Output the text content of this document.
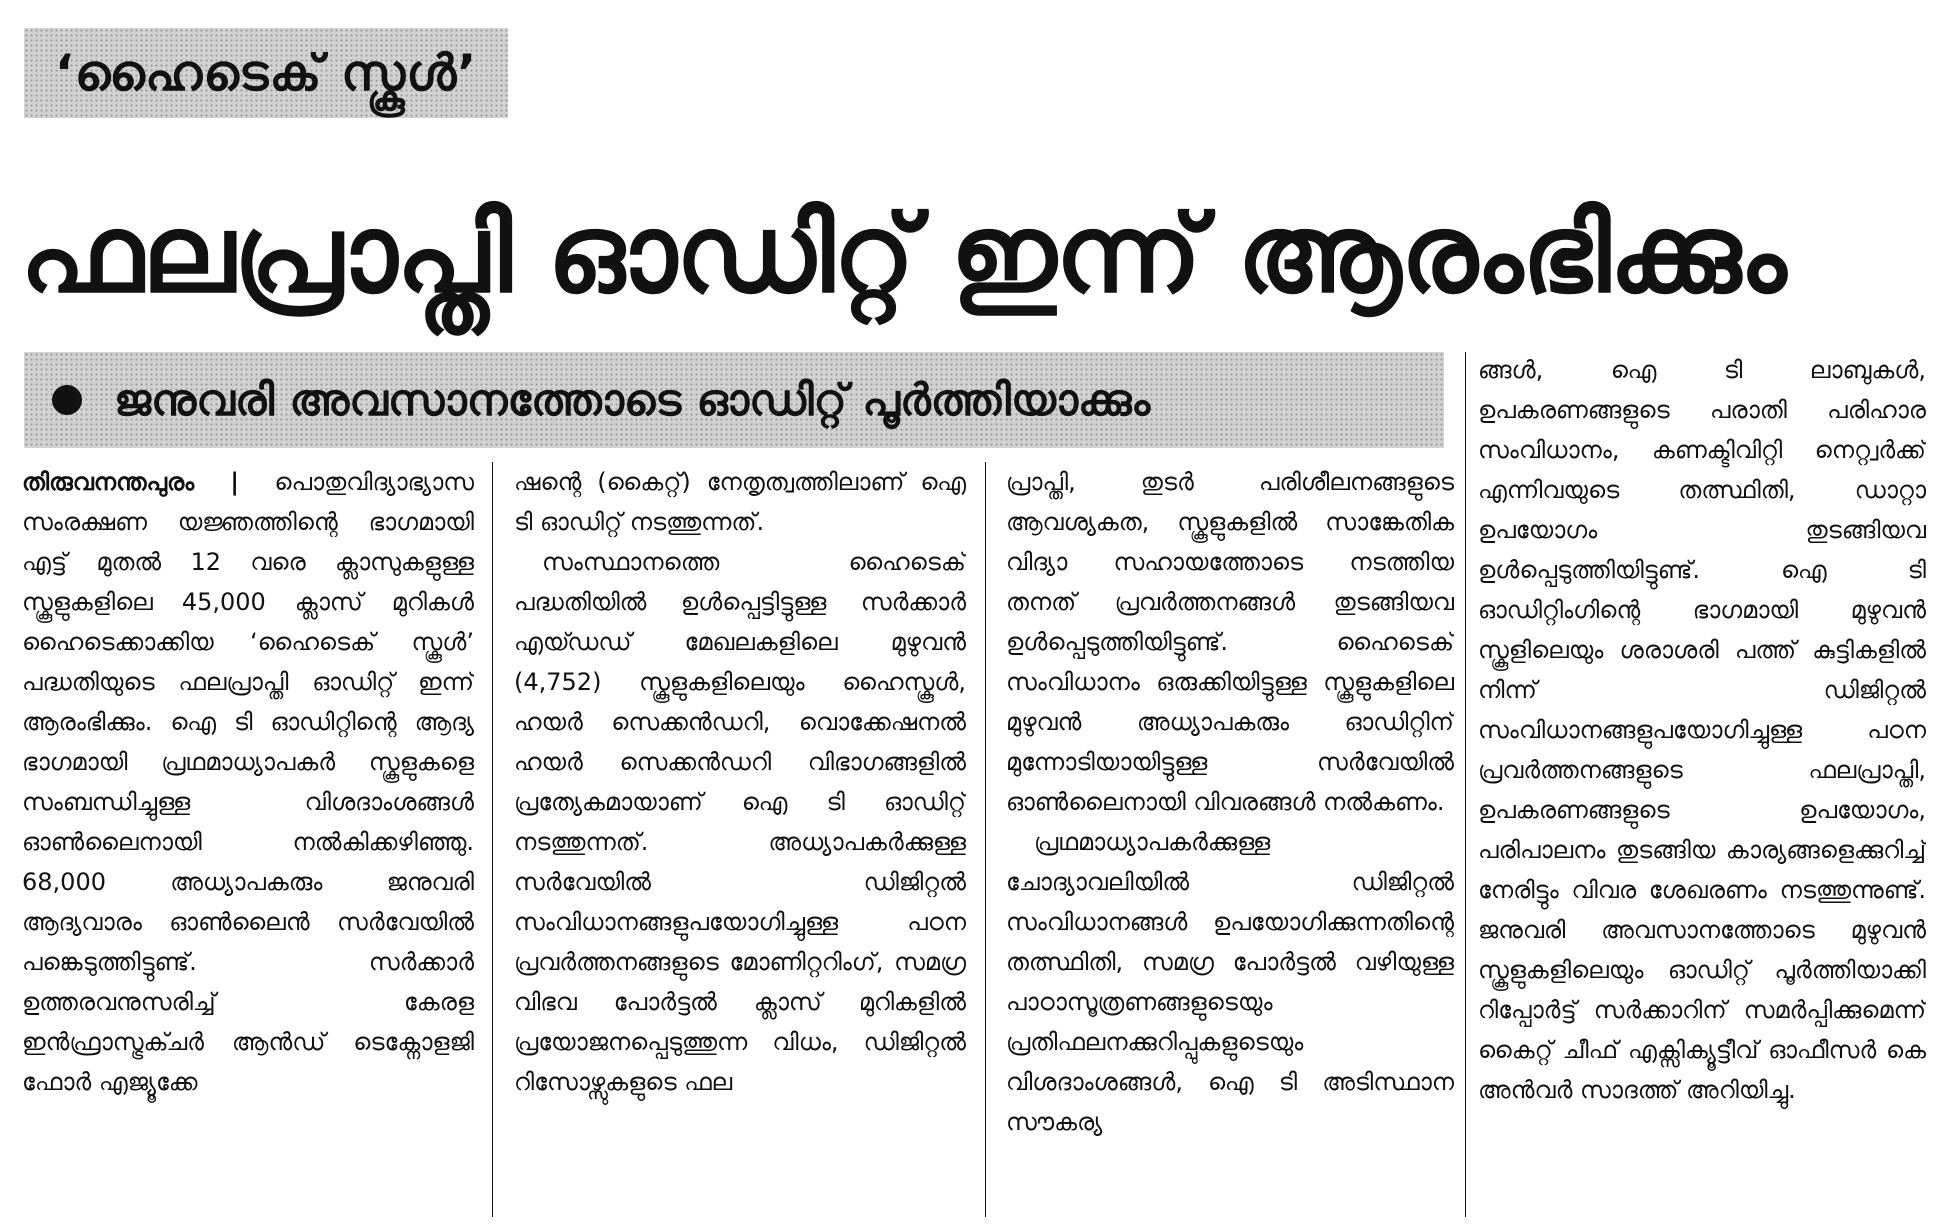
‘ഹൈടെക് സ്കൂൾ’
ഫലപ്രാപ്തി ഓഡിറ്റ് ഇന്ന് ആരംഭിക്കും
ജനുവരി അവസാനത്തോടെ ഓഡിറ്റ് പൂർത്തിയാക്കും

തിരുവനന്തപുരം | പൊതുവിദ്യാഭ്യാസ സംരക്ഷണ യജ്ഞത്തിന്റെ ഭാഗമായി എട്ട് മുതൽ 12 വരെ ക്ലാസുകളുള്ള സ്കൂളുകളിലെ 45,000 ക്ലാസ് മുറികൾ ഹൈടെക്കാക്കിയ ‘ഹൈടെക് സ്കൂൾ’ പദ്ധതിയുടെ ഫലപ്രാപ്തി ഓഡിറ്റ് ഇന്ന് ആരംഭിക്കും. ഐ ടി ഓഡിറ്റിന്റെ ആദ്യ ഭാഗമായി പ്രഥമാധ്യാപകർ സ്കൂളുകളെ സംബന്ധിച്ചുള്ള വിശദാംശങ്ങൾ ഓൺലൈനായി നൽകിക്കഴിഞ്ഞു. 68,000 അധ്യാപകരും ജനുവരി ആദ്യവാരം ഓൺലൈൻ സർവേയിൽ പങ്കെടുത്തിട്ടുണ്ട്. സർക്കാർ ഉത്തരവനുസരിച്ച് കേരള ഇൻഫ്രാസ്ട്രക്ചർ ആൻഡ് ടെക്നോളജി ഫോർ എജ്യൂക്കേ

ഷന്റെ (കൈറ്റ്) നേതൃത്വത്തിലാണ് ഐ ടി ഓഡിറ്റ് നടത്തുന്നത്.

സംസ്ഥാനത്തെ ഹൈടെക് പദ്ധതിയിൽ ഉൾപ്പെട്ടിട്ടുള്ള സർക്കാർ എയ്ഡഡ് മേഖലകളിലെ മുഴുവൻ (4,752) സ്കൂളുകളിലെയും ഹൈസ്കൂൾ, ഹയർ സെക്കൻഡറി, വൊക്കേഷനൽ ഹയർ സെക്കൻഡറി വിഭാഗങ്ങളിൽ പ്രത്യേകമായാണ് ഐ ടി ഓഡിറ്റ് നടത്തുന്നത്. അധ്യാപകർക്കുള്ള സർവേയിൽ ഡിജിറ്റൽ സംവിധാനങ്ങളുപയോഗിച്ചുള്ള പഠന പ്രവർത്തനങ്ങളുടെ മോണിറ്ററിംഗ്, സമഗ്ര വിഭവ പോർട്ടൽ ക്ലാസ് മുറികളിൽ പ്രയോജനപ്പെടുത്തുന്ന വിധം, ഡിജിറ്റൽ റിസോഴ്സുകളുടെ ഫല

പ്രാപ്തി, തുടർ പരിശീലനങ്ങളുടെ ആവശ്യകത, സ്കൂളുകളിൽ സാങ്കേതിക വിദ്യാ സഹായത്തോടെ നടത്തിയ തനത് പ്രവർത്തനങ്ങൾ തുടങ്ങിയവ ഉൾപ്പെടുത്തിയിട്ടുണ്ട്. ഹൈടെക് സംവിധാനം ഒരുക്കിയിട്ടുള്ള സ്കൂളുകളിലെ മുഴുവൻ അധ്യാപകരും ഓഡിറ്റിന് മുന്നോടിയായിട്ടുള്ള സർവേയിൽ ഓൺലൈനായി വിവരങ്ങൾ നൽകണം.

പ്രഥമാധ്യാപകർക്കുള്ള ചോദ്യാവലിയിൽ ഡിജിറ്റൽ സംവിധാനങ്ങൾ ഉപയോഗിക്കുന്നതിന്റെ തത്സ്ഥിതി, സമഗ്ര പോർട്ടൽ വഴിയുള്ള പാഠാസൂത്രണങ്ങളുടെയും പ്രതിഫലനക്കുറിപ്പുകളുടെയും വിശദാംശങ്ങൾ, ഐ ടി അടിസ്ഥാന സൗകര്യ

ങ്ങൾ, ഐ ടി ലാബുകൾ, ഉപകരണങ്ങളുടെ പരാതി പരിഹാര സംവിധാനം, കണക്ടിവിറ്റി നെറ്റ്വർക്ക് എന്നിവയുടെ തത്സ്ഥിതി, ഡാറ്റാ ഉപയോഗം തുടങ്ങിയവ ഉൾപ്പെടുത്തിയിട്ടുണ്ട്. ഐ ടി ഓഡിറ്റിംഗിന്റെ ഭാഗമായി മുഴുവൻ സ്കൂളിലെയും ശരാശരി പത്ത് കുട്ടികളിൽ നിന്ന് ഡിജിറ്റൽ സംവിധാനങ്ങളുപയോഗിച്ചുള്ള പഠന പ്രവർത്തനങ്ങളുടെ ഫലപ്രാപ്തി, ഉപകരണങ്ങളുടെ ഉപയോഗം, പരിപാലനം തുടങ്ങിയ കാര്യങ്ങളെക്കുറിച്ച് നേരിട്ടും വിവര ശേഖരണം നടത്തുന്നുണ്ട്. ജനുവരി അവസാനത്തോടെ മുഴുവൻ സ്കൂളുകളിലെയും ഓഡിറ്റ് പൂർത്തിയാക്കി റിപ്പോർട്ട് സർക്കാറിന് സമർപ്പിക്കുമെന്ന് കൈറ്റ് ചീഫ് എക്സിക്യൂട്ടീവ് ഓഫീസർ കെ അൻവർ സാദത്ത് അറിയിച്ചു.
